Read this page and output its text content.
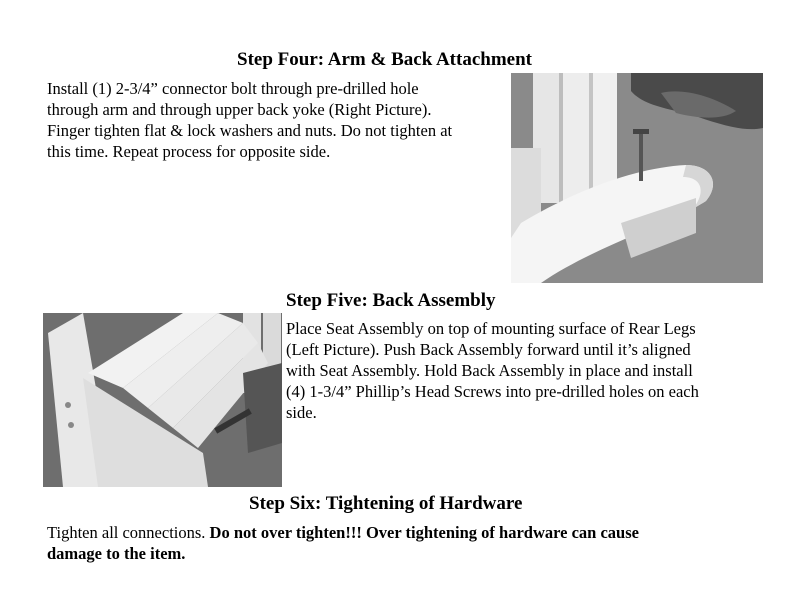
Step Four: Arm & Back Attachment
Install (1) 2-3/4” connector bolt through pre-drilled hole
through arm and through upper back yoke (Right Picture).
Finger tighten flat & lock washers and nuts. Do not tighten at
this time. Repeat process for opposite side.
Step Five: Back Assembly
Place Seat Assembly on top of mounting surface of Rear Legs
(Left Picture). Push Back Assembly forward until it’s aligned
with Seat Assembly. Hold Back Assembly in place and install
(4) 1-3/4” Phillip’s Head Screws into pre-drilled holes on each
side.
Step Six: Tightening of Hardware
Tighten all connections. Do not over tighten!!! Over tightening of hardware can cause
damage to the item.
